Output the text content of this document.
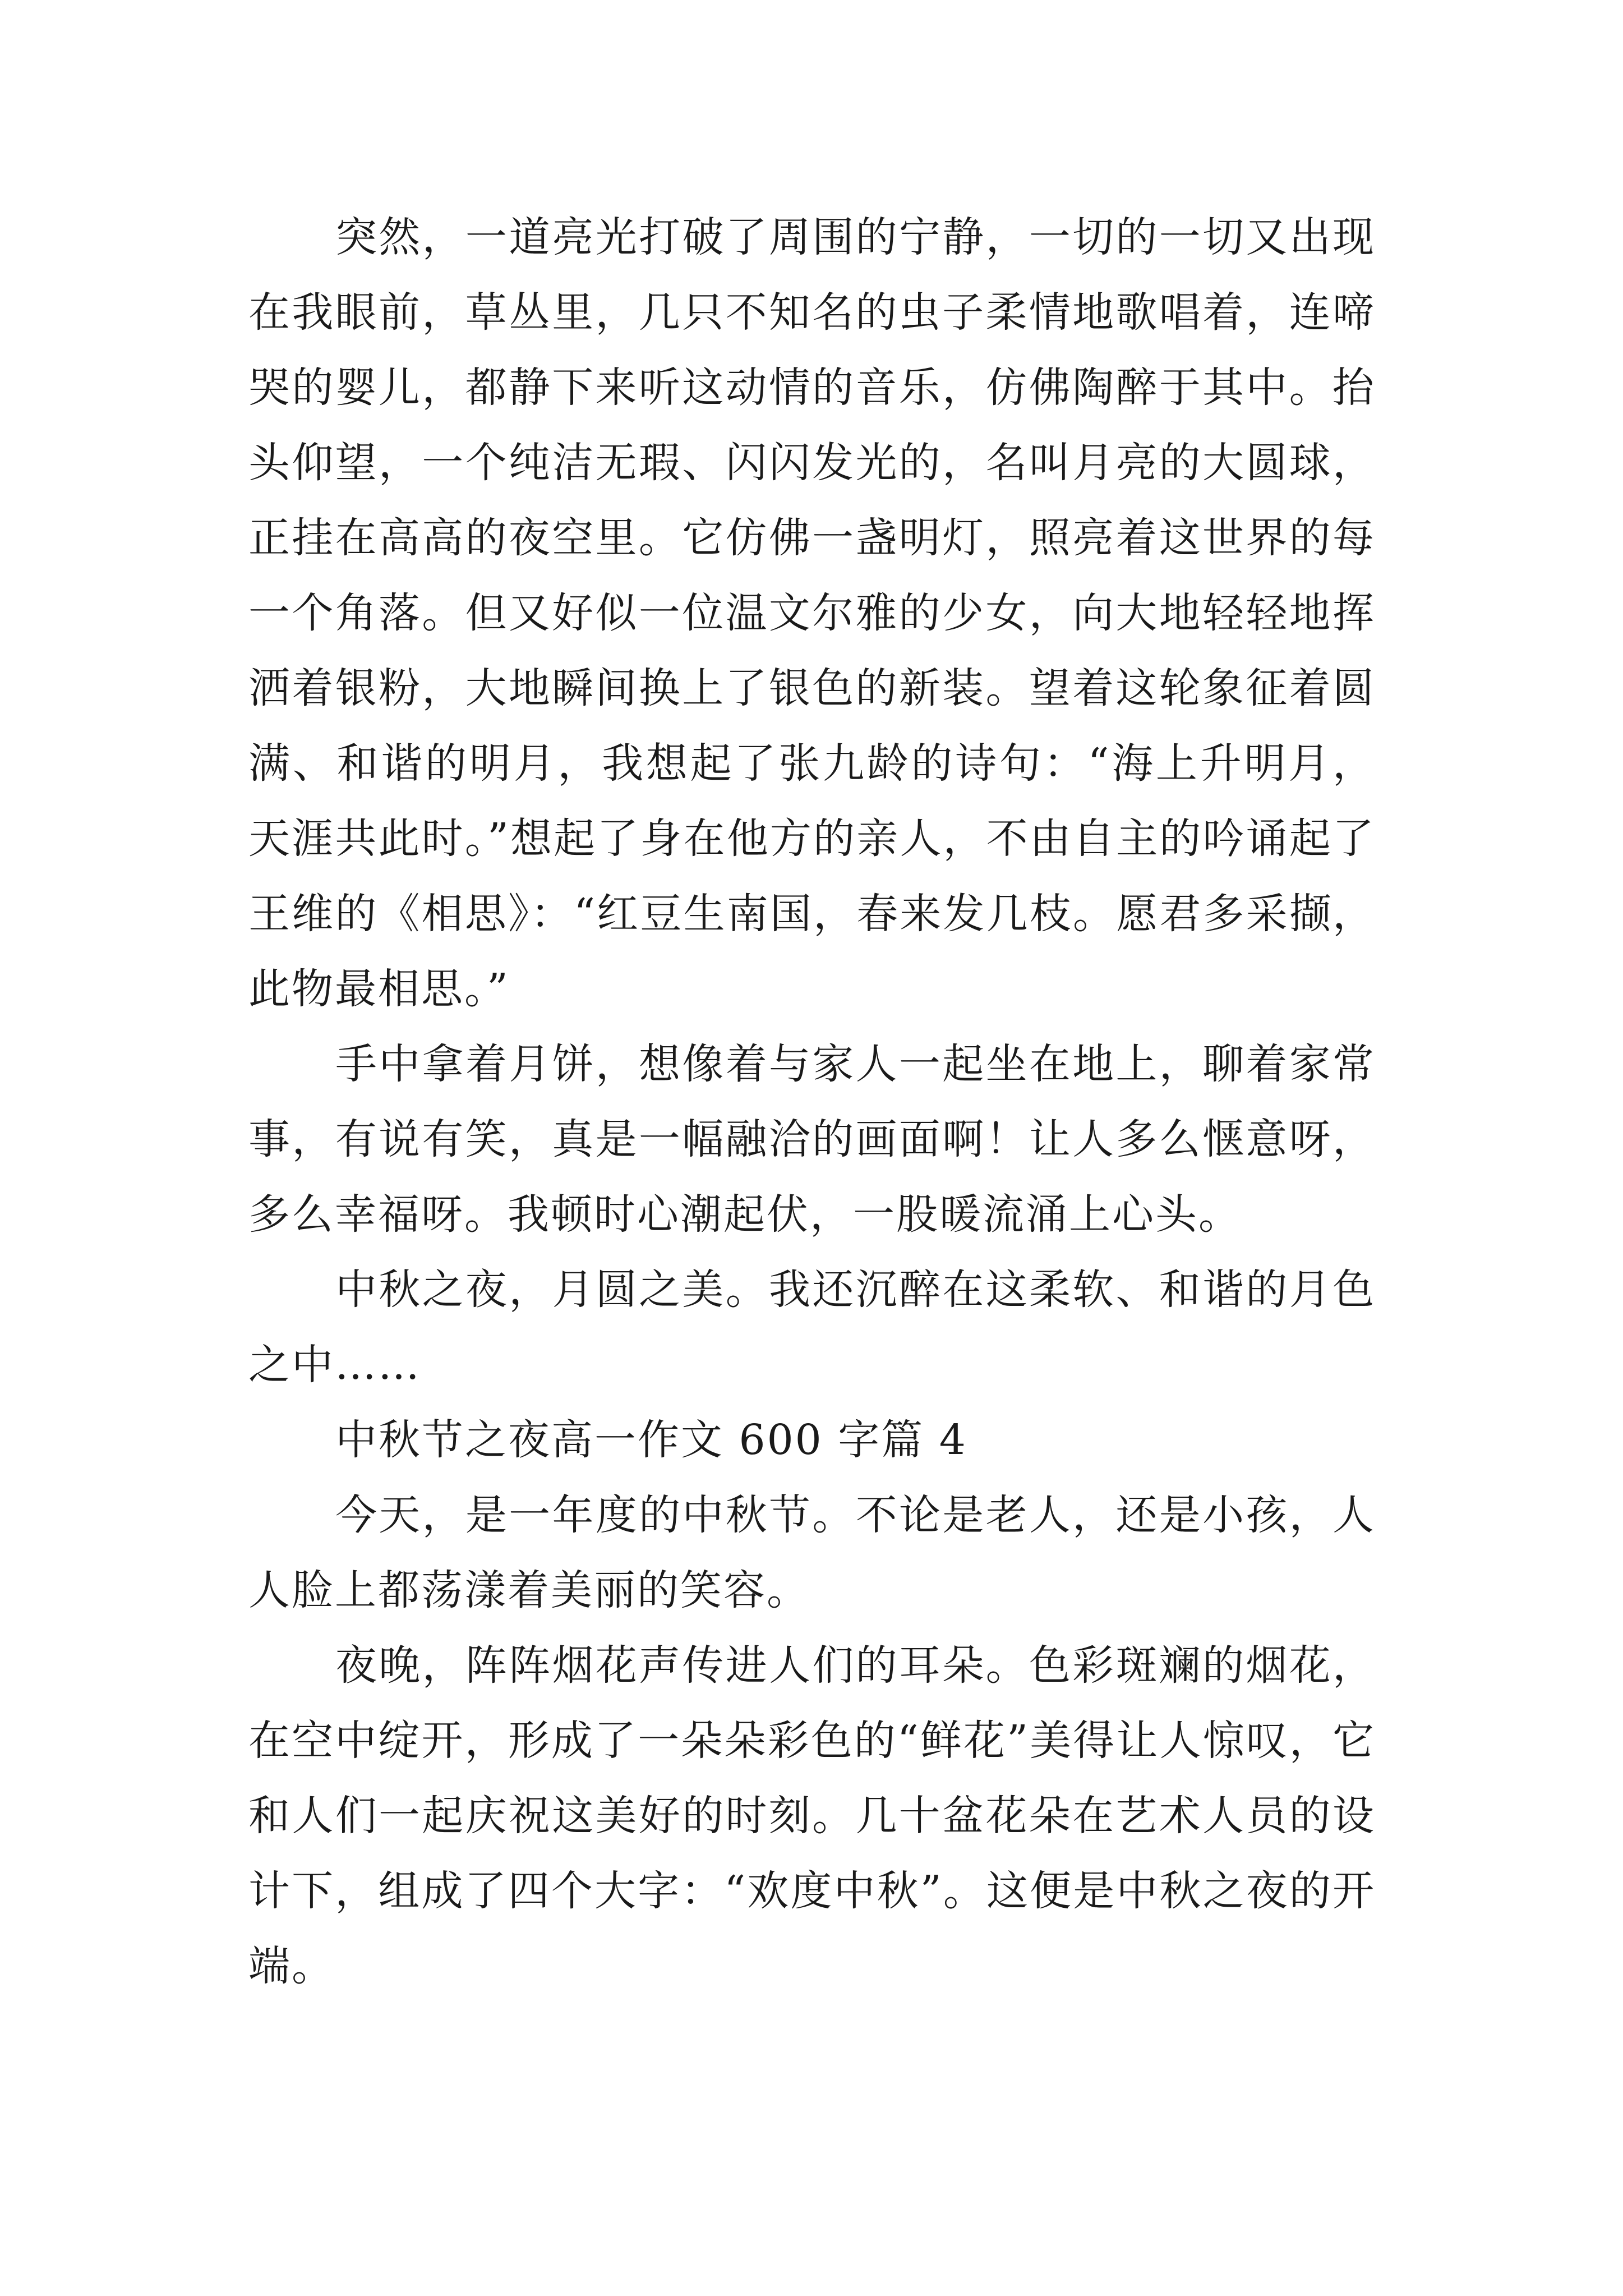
突然，一道亮光打破了周围的宁静，一切的一切又出现在我眼前，草丛里，几只不知名的虫子柔情地歌唱着，连啼哭的婴儿，都静下来听这动情的音乐，仿佛陶醉于其中。抬头仰望，一个纯洁无瑕、闪闪发光的，名叫月亮的大圆球，正挂在高高的夜空里。它仿佛一盏明灯，照亮着这世界的每一个角落。但又好似一位温文尔雅的少女，向大地轻轻地挥洒着银粉，大地瞬间换上了银色的新装。望着这轮象征着圆满、和谐的明月，我想起了张九龄的诗句：“海上升明月，天涯共此时。”想起了身在他方的亲人，不由自主的吟诵起了王维的《相思》：“红豆生南国，春来发几枝。愿君多采撷，此物最相思。”

手中拿着月饼，想像着与家人一起坐在地上，聊着家常事，有说有笑，真是一幅融洽的画面啊！让人多么惬意呀，多么幸福呀。我顿时心潮起伏，一股暖流涌上心头。

中秋之夜，月圆之美。我还沉醉在这柔软、和谐的月色之中……

中秋节之夜高一作文 600 字篇 4

今天，是一年度的中秋节。不论是老人，还是小孩，人人脸上都荡漾着美丽的笑容。

夜晚，阵阵烟花声传进人们的耳朵。色彩斑斓的烟花，在空中绽开，形成了一朵朵彩色的“鲜花”美得让人惊叹，它和人们一起庆祝这美好的时刻。几十盆花朵在艺术人员的设计下，组成了四个大字：“欢度中秋”。这便是中秋之夜的开端。
